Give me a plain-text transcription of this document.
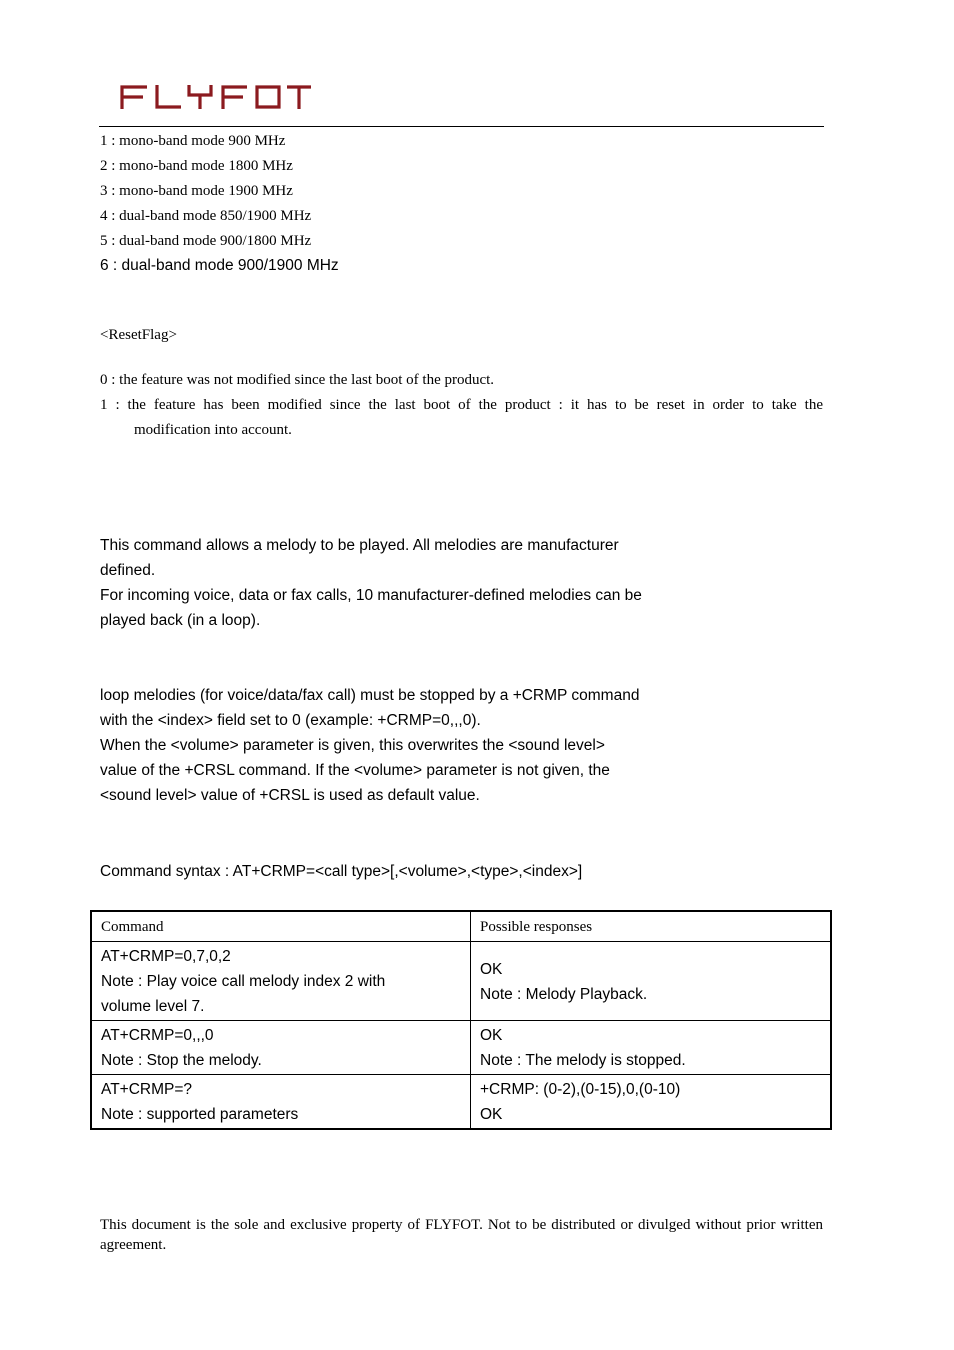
1 : mono-band mode 900 MHz
2 : mono-band mode 1800 MHz
3 : mono-band mode 1900 MHz
4 : dual-band mode 850/1900 MHz
5 : dual-band mode 900/1800 MHz
6 : dual-band mode 900/1900 MHz
<ResetFlag>
0 : the feature was not modified since the last boot of the product.
1 : the feature has been modified since the last boot of the product : it has to be reset in order to take the
modification into account.
This command allows a melody to be played. All melodies are manufacturer
defined.
For incoming voice, data or fax calls, 10 manufacturer-defined melodies can be
played back (in a loop).
loop melodies (for voice/data/fax call) must be stopped by a +CRMP command
with the <index> field set to 0 (example: +CRMP=0,,,0).
When the <volume> parameter is given, this overwrites the <sound level>
value of the +CRSL command. If the <volume> parameter is not given, the
<sound level> value of +CRSL is used as default value.
Command syntax : AT+CRMP=<call type>[,<volume>,<type>,<index>]
Command	Possible responses

AT+CRMP=0,7,0,2
Note : Play voice call melody index 2 with
volume level 7.	OK
Note : Melody Playback.

AT+CRMP=0,,,0
Note : Stop the melody.	OK
Note : The melody is stopped.

AT+CRMP=?
Note : supported parameters	+CRMP: (0-2),(0-15),0,(0-10)
OK
This document is the sole and exclusive property of FLYFOT. Not to be distributed or divulged without prior written agreement.
